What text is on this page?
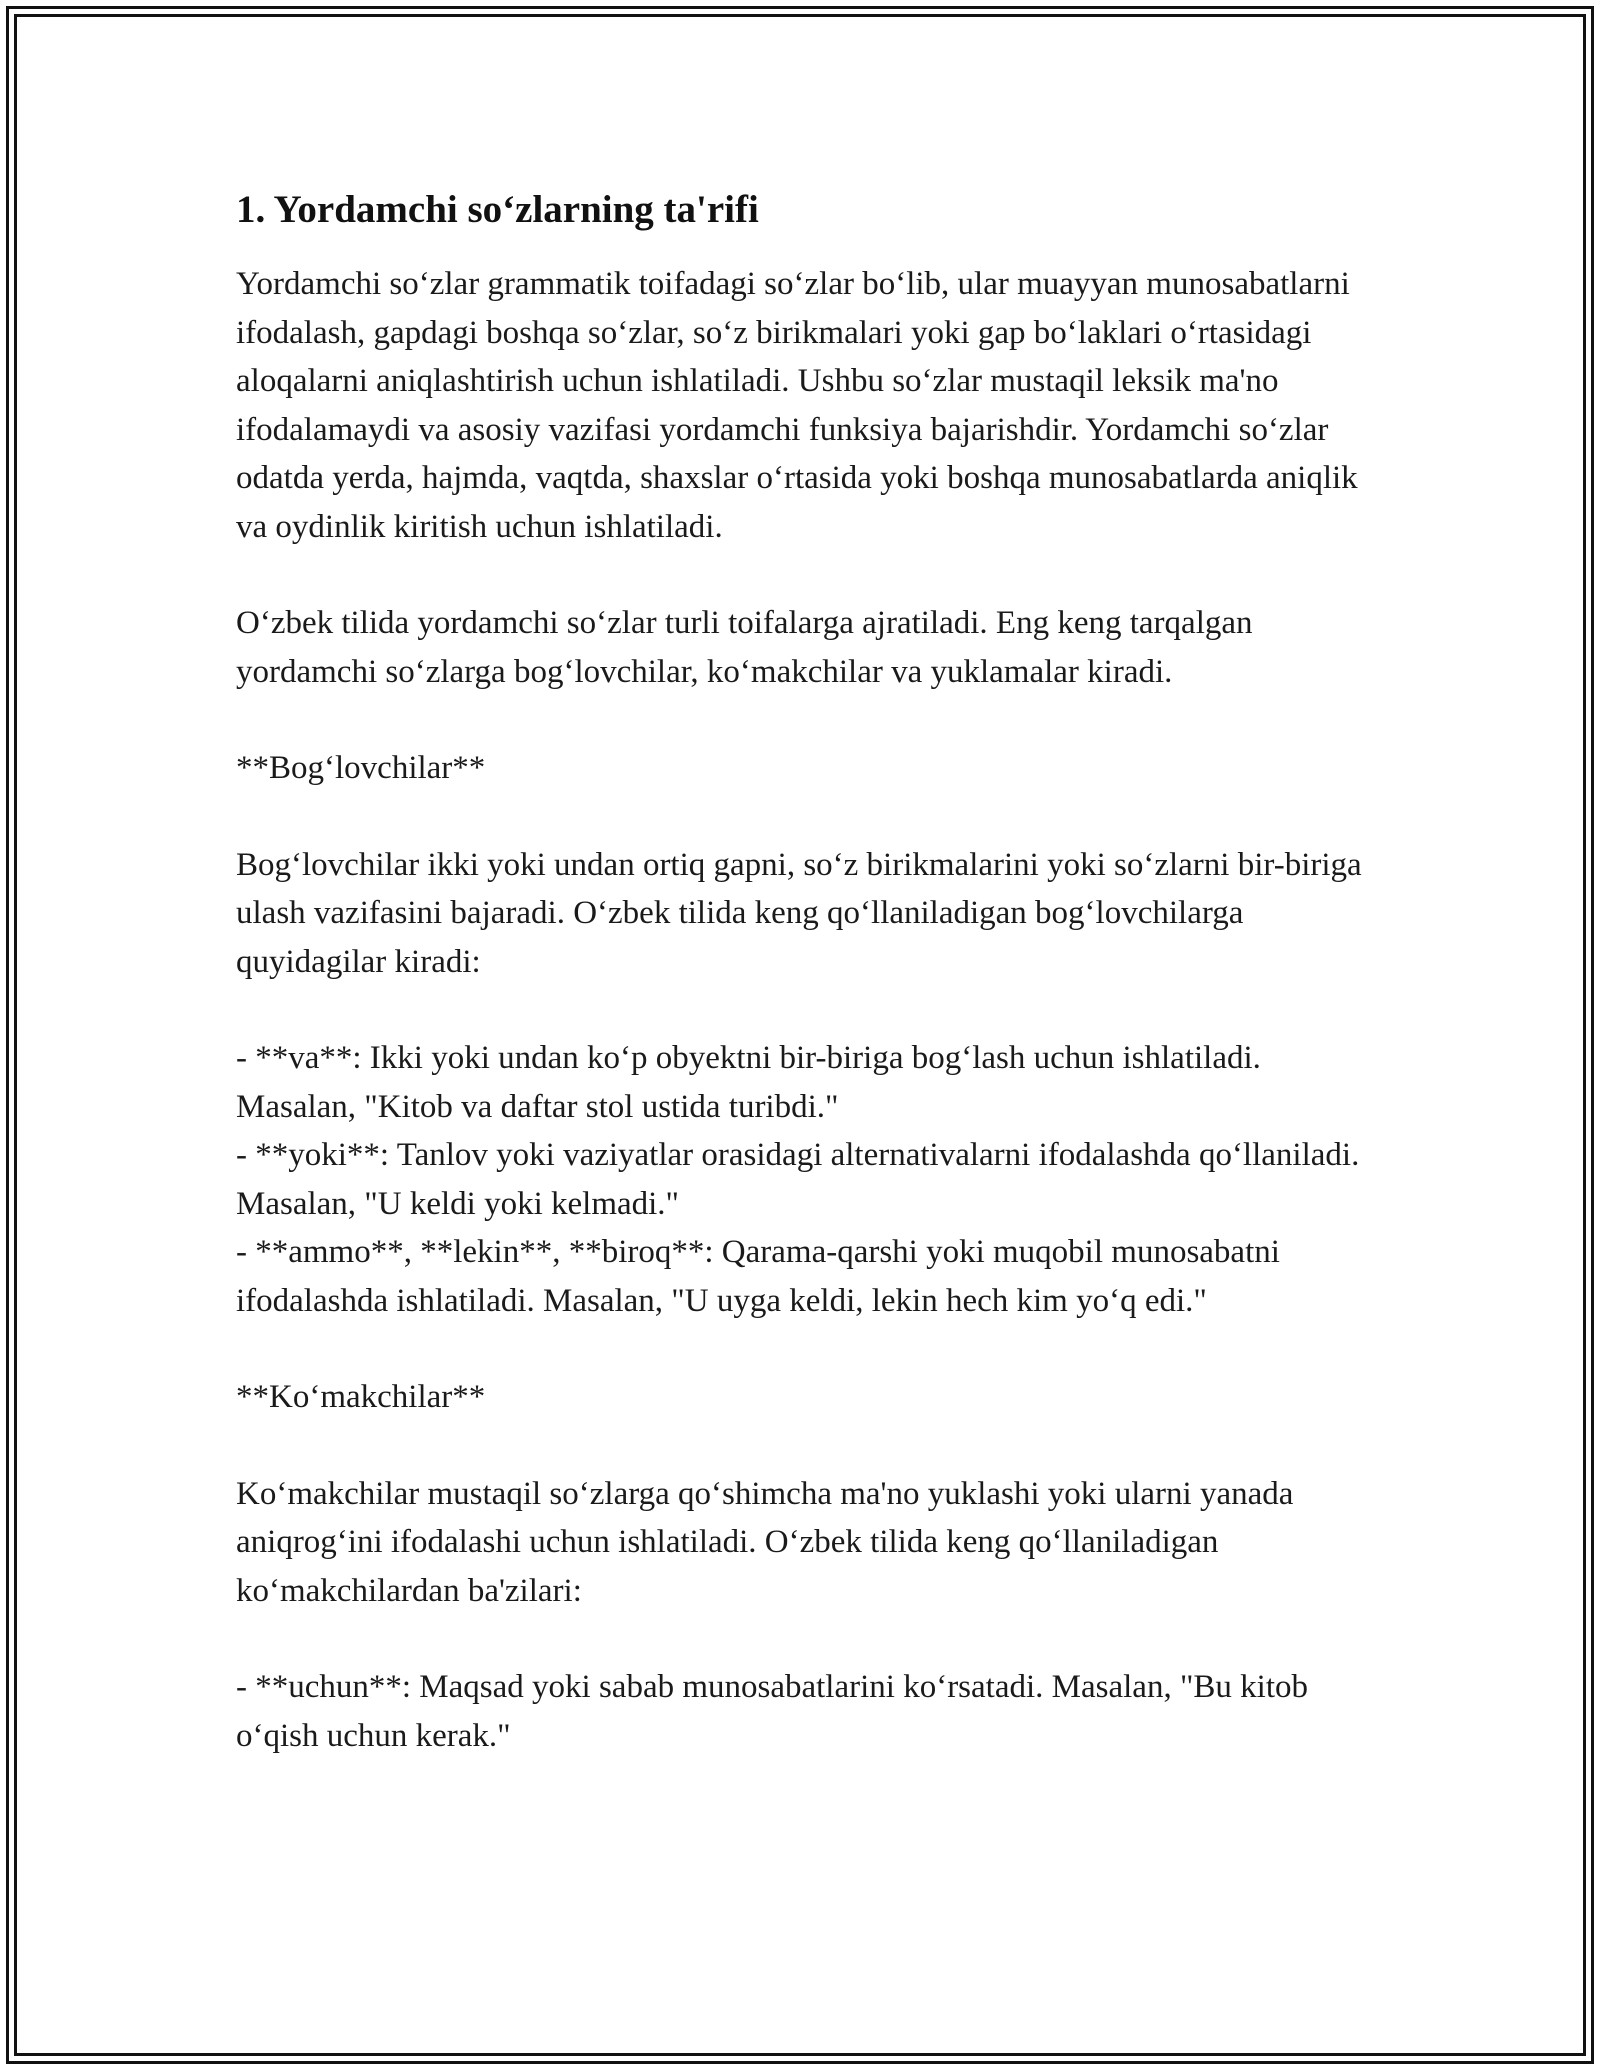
1. Yordamchi so‘zlarning ta'rifi

Yordamchi so‘zlar grammatik toifadagi so‘zlar bo‘lib, ular muayyan munosabatlarni ifodalash, gapdagi boshqa so‘zlar, so‘z birikmalari yoki gap bo‘laklari o‘rtasidagi aloqalarni aniqlashtirish uchun ishlatiladi. Ushbu so‘zlar mustaqil leksik ma'no ifodalamaydi va asosiy vazifasi yordamchi funksiya bajarishdir. Yordamchi so‘zlar odatda yerda, hajmda, vaqtda, shaxslar o‘rtasida yoki boshqa munosabatlarda aniqlik va oydinlik kiritish uchun ishlatiladi.

O‘zbek tilida yordamchi so‘zlar turli toifalarga ajratiladi. Eng keng tarqalgan yordamchi so‘zlarga bog‘lovchilar, ko‘makchilar va yuklamalar kiradi.

**Bog‘lovchilar**

Bog‘lovchilar ikki yoki undan ortiq gapni, so‘z birikmalarini yoki so‘zlarni bir-biriga ulash vazifasini bajaradi. O‘zbek tilida keng qo‘llaniladigan bog‘lovchilarga quyidagilar kiradi:

- **va**: Ikki yoki undan ko‘p obyektni bir-biriga bog‘lash uchun ishlatiladi. Masalan, "Kitob va daftar stol ustida turibdi."

- **yoki**: Tanlov yoki vaziyatlar orasidagi alternativalarni ifodalashda qo‘llaniladi. Masalan, "U keldi yoki kelmadi."

- **ammo**, **lekin**, **biroq**: Qarama-qarshi yoki muqobil munosabatni ifodalashda ishlatiladi. Masalan, "U uyga keldi, lekin hech kim yo‘q edi."

**Ko‘makchilar**

Ko‘makchilar mustaqil so‘zlarga qo‘shimcha ma'no yuklashi yoki ularni yanada aniqrog‘ini ifodalashi uchun ishlatiladi. O‘zbek tilida keng qo‘llaniladigan ko‘makchilardan ba'zilari:

- **uchun**: Maqsad yoki sabab munosabatlarini ko‘rsatadi. Masalan, "Bu kitob o‘qish uchun kerak."
